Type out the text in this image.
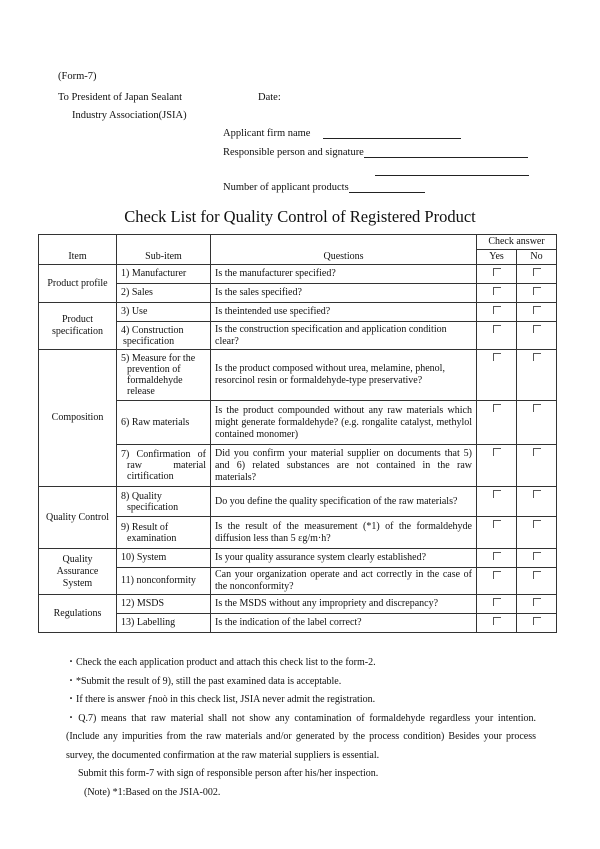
(Form-7)
To President of Japan Sealant	Date:
Industry Association(JSIA)
Applicant firm name
Responsible person and signature
Number of applicant products
Check List for Quality Control of Registered Product
Item	Sub-item	Questions	Check answer	
			Yes	No
Product profile	1) Manufacturer	Is the manufacturer specified?		
	2) Sales	Is the sales specified?		
Product specification	3) Use	Is theintended use specified?		
	4) Construction specification	Is the construction specification and application condition clear?		
Composition	5) Measure for the prevention of formaldehyde release	Is the product composed without urea, melamine, phenol, resorcinol resin or formaldehyde-type preservative?		
	6) Raw materials	Is the product compounded without any raw materials which might generate formaldehyde? (e.g. rongalite catalyst, methylol contained monomer)		
	7) Confirmation of raw material cirtification	Did you confirm your material supplier on documents that 5) and 6) related substances are not contained in the raw materials?		
Quality Control	8) Quality specification	Do you define the quality specification of the raw materials?		
	9) Result of examination	Is the result of the measurement (*1) of the formaldehyde diffusion less than 5 εg/m·h?		
Quality Assurance System	10) System	Is your quality assurance system clearly established?		
	11) nonconformity	Can your organization operate and act correctly in the case of the nonconformity?		
Regulations	12) MSDS	Is the MSDS without any impropriety and discrepancy?		
	13) Labelling	Is the indication of the label correct?		

・Check the each application product and attach this check list to the form-2.

・*Submit the result of 9), still the past examined data is acceptable.

・If there is answer ƒnoò in this check list, JSIA never admit the registration.

・Q.7) means that raw material shall not show any contamination of formaldehyde regardless your intention. (Include any impurities from the raw materials and/or generated by the process condition) Besides your process survey, the documented confirmation at the raw material suppliers is essential.

Submit this form-7 with sign of responsible person after his/her inspection.

(Note) *1:Based on the JSIA-002.
